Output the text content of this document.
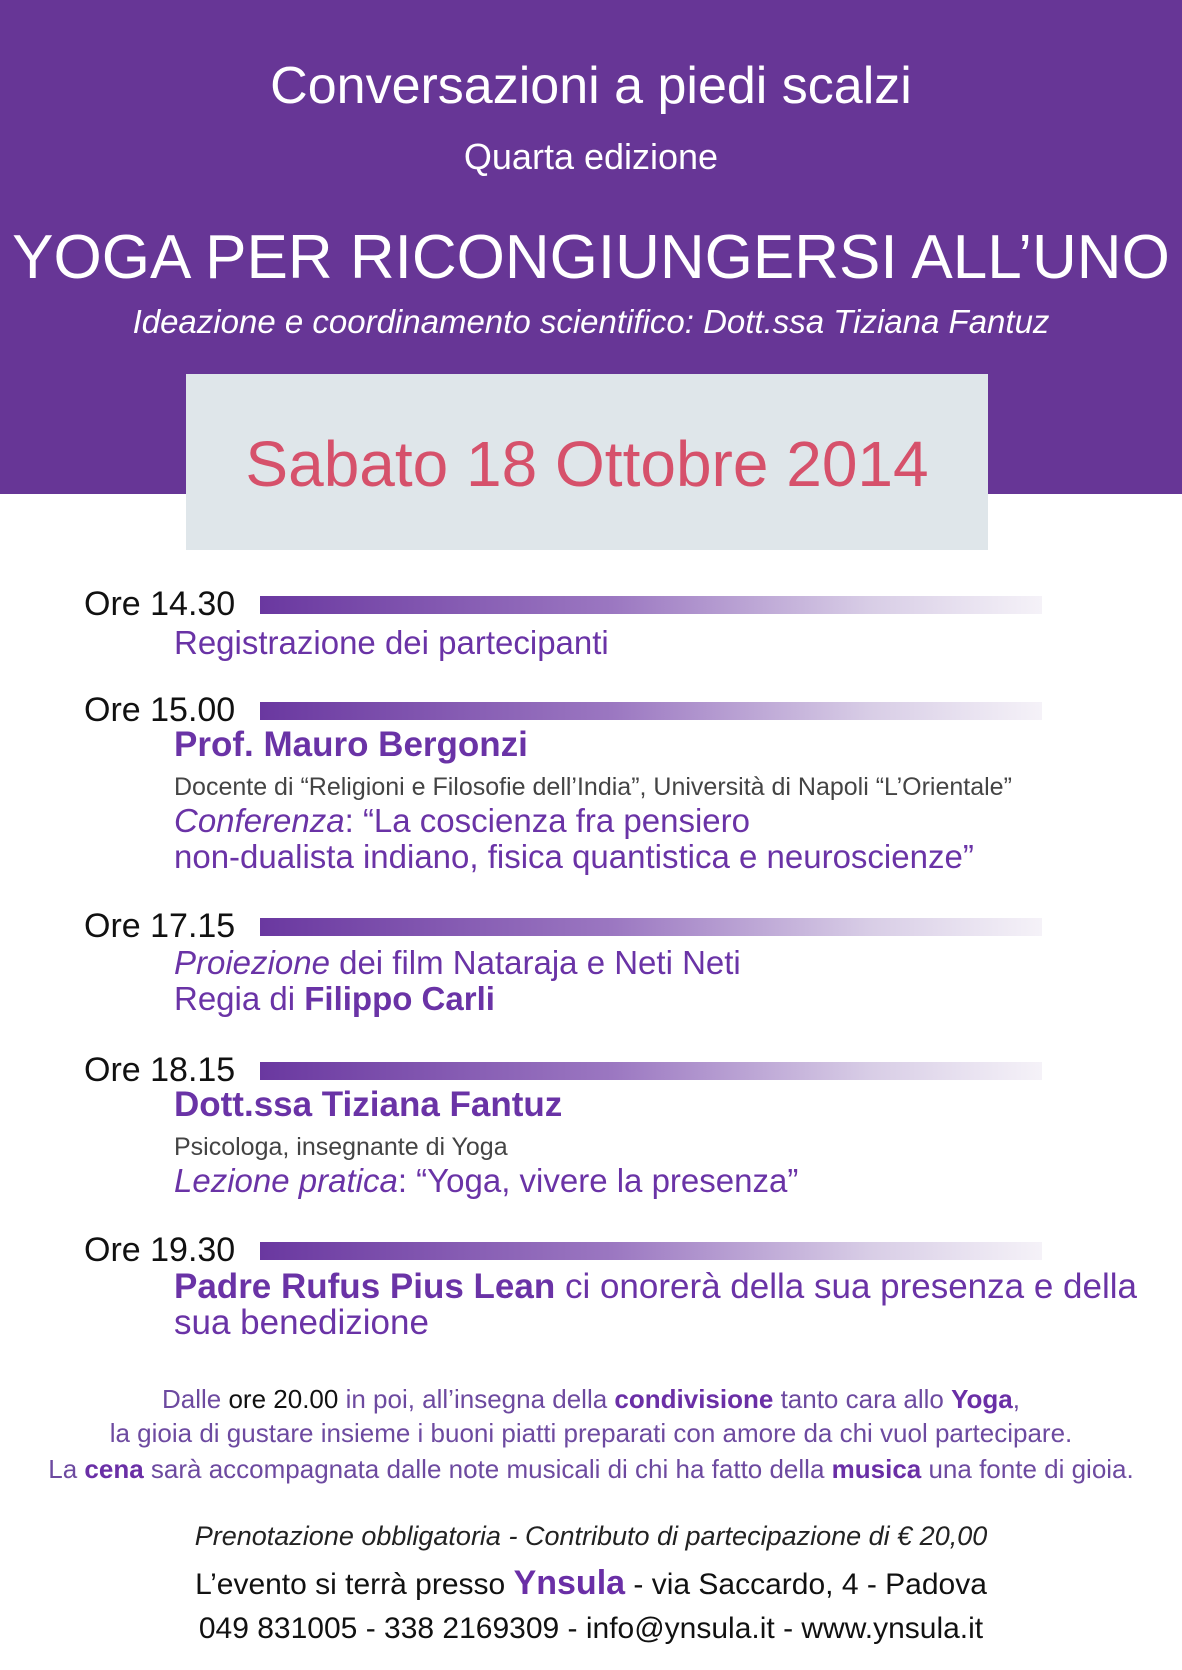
Conversazioni a piedi scalzi
Quarta edizione
YOGA PER RICONGIUNGERSI ALL’UNO
Ideazione e coordinamento scientifico: Dott.ssa Tiziana Fantuz
Sabato 18 Ottobre 2014
Ore 14.30
Registrazione dei partecipanti
Ore 15.00
Prof. Mauro Bergonzi
Docente di “Religioni e Filosofie dell’India”, Università di Napoli “L’Orientale”
Conferenza: “La coscienza fra pensiero
non-dualista indiano, fisica quantistica e neuroscienze”
Ore 17.15
Proiezione dei film Nataraja e Neti Neti
Regia di Filippo Carli
Ore 18.15
Dott.ssa Tiziana Fantuz
Psicologa, insegnante di Yoga
Lezione pratica: “Yoga, vivere la presenza”
Ore 19.30
Padre Rufus Pius Lean ci onorerà della sua presenza e della
sua benedizione
Dalle ore 20.00 in poi, all’insegna della condivisione tanto cara allo Yoga,
la gioia di gustare insieme i buoni piatti preparati con amore da chi vuol partecipare.
La cena sarà accompagnata dalle note musicali di chi ha fatto della musica una fonte di gioia.
Prenotazione obbligatoria - Contributo di partecipazione di € 20,00
L’evento si terrà presso Ynsula - via Saccardo, 4 - Padova
049 831005 - 338 2169309 - info@ynsula.it - www.ynsula.it
